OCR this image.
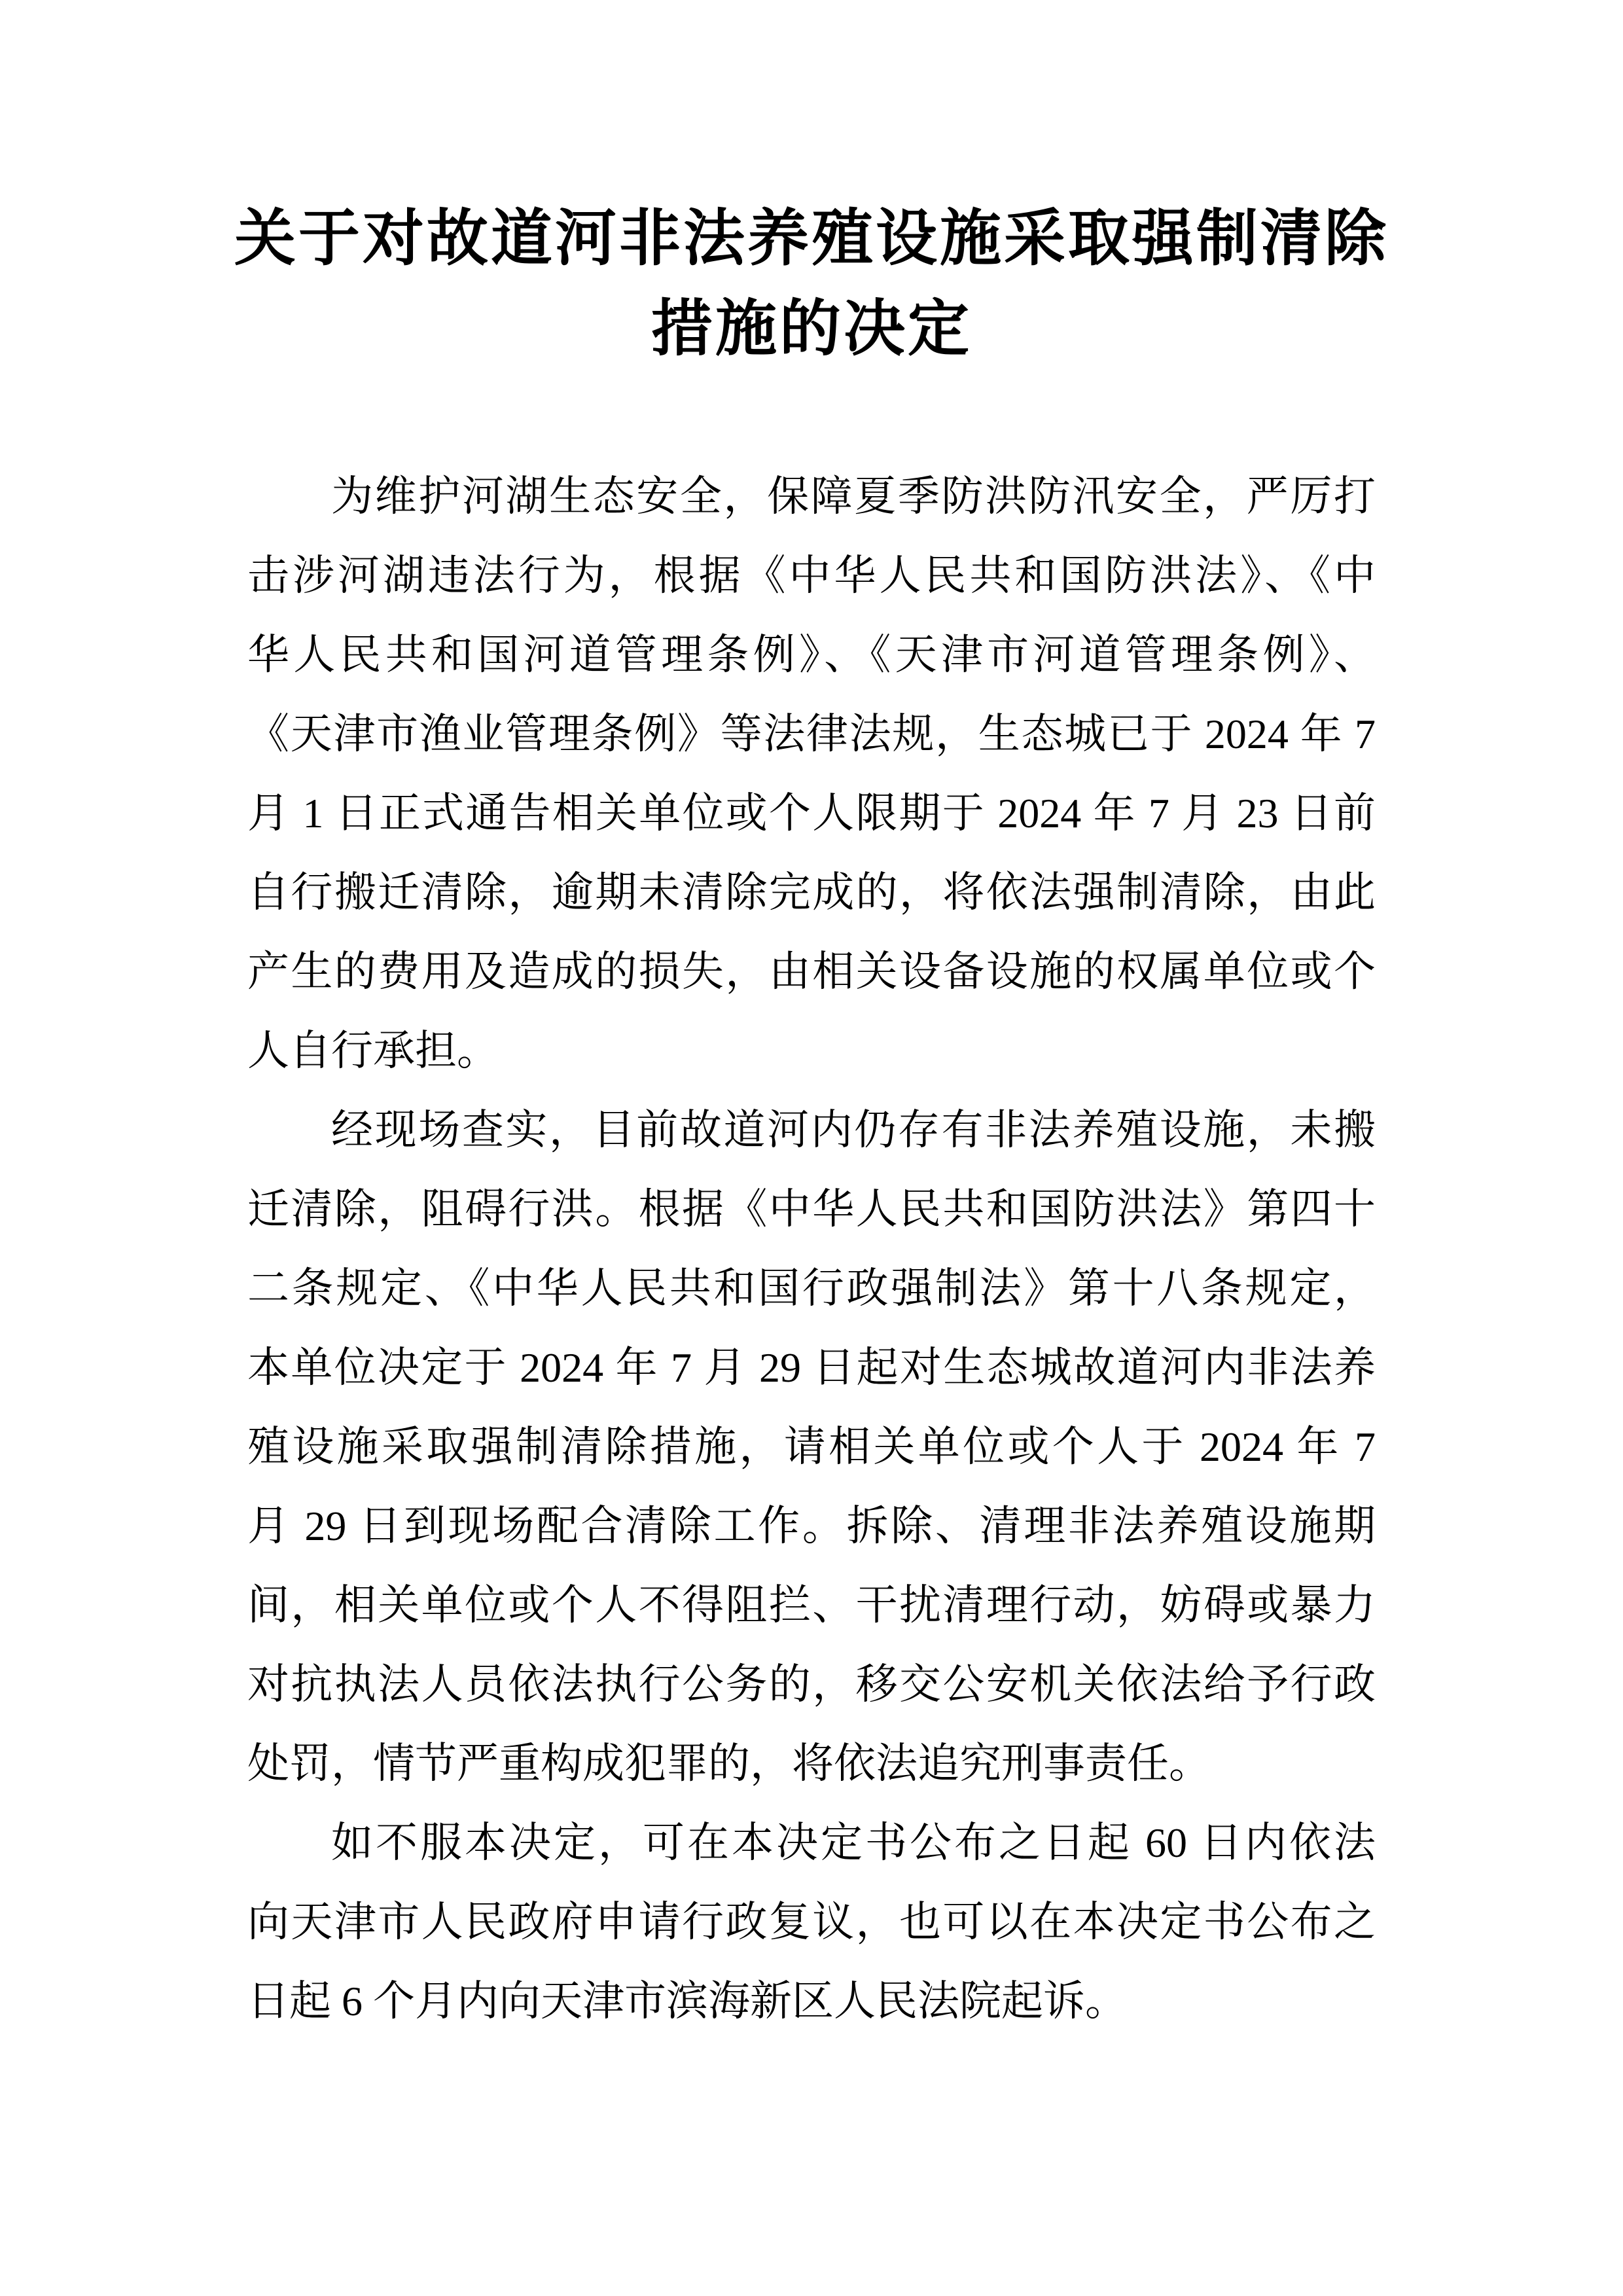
关于对故道河非法养殖设施采取强制清除
措施的决定
为维护河湖生态安全，保障夏季防洪防汛安全，严厉打
击涉河湖违法行为，根据《中华人民共和国防洪法》、《中
华人民共和国河道管理条例》、《天津市河道管理条例》、
《天津市渔业管理条例》等法律法规，生态城已于 2024 年 7
月 1 日正式通告相关单位或个人限期于 2024 年 7 月 23 日前
自行搬迁清除，逾期未清除完成的，将依法强制清除，由此
产生的费用及造成的损失，由相关设备设施的权属单位或个
人自行承担。
经现场查实，目前故道河内仍存有非法养殖设施，未搬
迁清除，阻碍行洪。根据《中华人民共和国防洪法》第四十
二条规定、《中华人民共和国行政强制法》第十八条规定，
本单位决定于 2024 年 7 月 29 日起对生态城故道河内非法养
殖设施采取强制清除措施，请相关单位或个人于 2024 年 7
月 29 日到现场配合清除工作。拆除、清理非法养殖设施期
间，相关单位或个人不得阻拦、干扰清理行动，妨碍或暴力
对抗执法人员依法执行公务的，移交公安机关依法给予行政
处罚，情节严重构成犯罪的，将依法追究刑事责任。
如不服本决定，可在本决定书公布之日起 60 日内依法
向天津市人民政府申请行政复议，也可以在本决定书公布之
日起 6 个月内向天津市滨海新区人民法院起诉。
